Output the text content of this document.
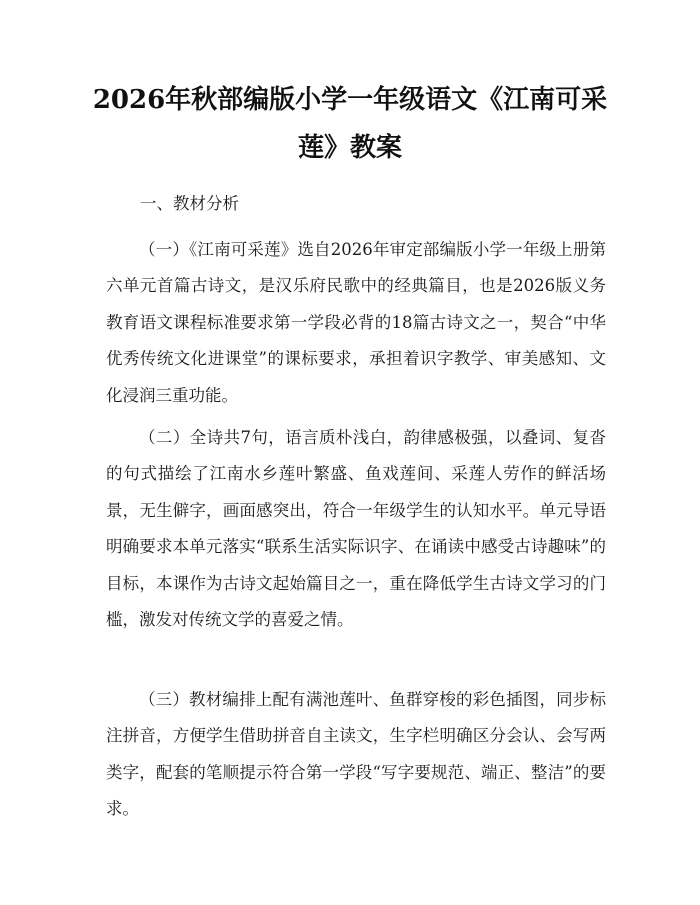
2026年秋部编版小学一年级语文《江南可采
莲》教案
一、教材分析

（一）《江南可采莲》选自2026年审定部编版小学一年级上册第六单元首篇古诗文，是汉乐府民歌中的经典篇目，也是2026版义务教育语文课程标准要求第一学段必背的18篇古诗文之一，契合“中华优秀传统文化进课堂”的课标要求，承担着识字教学、审美感知、文化浸润三重功能。

（二）全诗共7句，语言质朴浅白，韵律感极强，以叠词、复沓的句式描绘了江南水乡莲叶繁盛、鱼戏莲间、采莲人劳作的鲜活场景，无生僻字，画面感突出，符合一年级学生的认知水平。单元导语明确要求本单元落实“联系生活实际识字、在诵读中感受古诗趣味”的目标，本课作为古诗文起始篇目之一，重在降低学生古诗文学习的门槛，激发对传统文学的喜爱之情。

（三）教材编排上配有满池莲叶、鱼群穿梭的彩色插图，同步标注拼音，方便学生借助拼音自主读文，生字栏明确区分会认、会写两类字，配套的笔顺提示符合第一学段“写字要规范、端正、整洁”的要求。
